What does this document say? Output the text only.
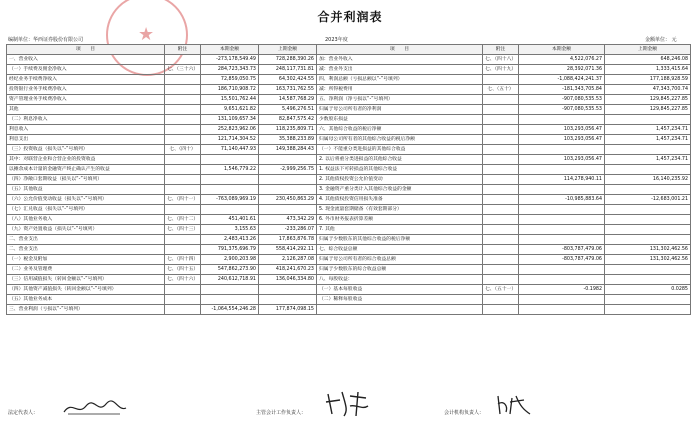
★
合并利润表
编制单位：华西证券股份有限公司	2023年度	金额单位： 元
项　　目	附注	本期金额	上期金额	项　　目	附注	本期金额	上期金额
一、营业收入		-273,178,549.49	728,288,390.26	加：营业外收入	七、（四十八）	4,522,076.27	648,246.08
（一）手续费及佣金净收入	七、（三十六）	284,723,343.73	248,117,731.81	减：营业外支出	七、（四十九）	28,392,071.36	1,333,415.64
经纪业务手续费净收入		72,859,050.75	64,302,424.55	四、利润总额（亏损总额以“-”号填列）		-1,088,424,241.37	177,188,928.59
投资银行业务手续费净收入		186,710,908.72	163,731,762.55	减：所得税费用	七、（五十）	-181,343,705.84	47,343,700.74
资产管理业务手续费净收入		15,501,762.44	14,587,768.29	五、净利润（净亏损以“-”号填列）		-907,080,535.53	129,845,227.85
其他		9,651,621.82	5,496,276.51	归属于母公司所有者的净利润		-907,080,535.53	129,845,227.85
（二）利息净收入		131,109,657.34	82,847,575.42	少数股东损益			
利息收入		252,823,962.06	118,235,809.71	六、其他综合收益的税后净额		103,293,056.47	1,457,234.71
利息支出		121,714,304.52	35,388,233.89	归属母公司所有者的其他综合收益的税后净额		103,293,056.47	1,457,234.71
（三）投资收益（损失以“-”号填列）	七、（四十）	71,140,447.93	149,388,284.43	（一）不能重分类进损益的其他综合收益			
其中：对联营企业和合营企业的投资收益				2. 以后将重分类进损益的其他综合收益		103,293,056.47	1,457,234.71
以摊余成本计量的金融资产终止确认产生的收益		1,546,779.22	-2,999,256.75	1. 权益法下可转损益的其他综合收益			
（四）净敞口套期收益（损失以“-”号填列）				2. 其他债权投资公允价值变动		114,278,940.11	16,140,235.92
（五）其他收益				3. 金融资产重分类计入其他综合收益的金额			
（六）公允价值变动收益（损失以“-”号填列）	七、（四十一）	-763,089,969.19	230,450,863.29	4. 其他债权投资信用损失准备		-10,985,883.64	-12,683,001.21
（七）汇兑收益（损失以“-”号填列）				5. 现金流量套期储备（有效套期部分）			
（八）其他业务收入	七、（四十二）	451,401.61	473,342.29	6. 外币财务报表折算差额			
（九）资产处置收益（损失以“-”号填列）	七、（四十三）	3,155.63	-233,286.07	7. 其他			
二、营业支出		2,483,413.26	17,863,876.78	归属于少数股东的其他综合收益的税后净额			
二、营业支出		791,375,696.79	558,414,292.11	七、综合收益总额		-803,787,479.06	131,302,462.56
（一）税金及附加	七、（四十四）	2,900,203.98	2,126,287.08	归属于母公司所有者的综合收益总额		-803,787,479.06	131,302,462.56
（二）业务及管理费	七、（四十五）	547,862,273.90	418,241,670.23	归属于少数股东的综合收益总额			
（三）信用减值损失（转回金额以“-”号填列）	七、（四十六）	240,612,718.91	136,046,334.80	八、每股收益：			
（四）其他资产减值损失（转回金额以“-”号填列）				（一）基本每股收益	七、（五十一）	-0.1982	0.0285
（五）其他业务成本				（二）稀释每股收益			
三、营业利润（亏损以“-”号填列）		-1,064,554,246.28	177,874,098.15				
法定代表人：	主管会计工作负责人：	会计机构负责人：
